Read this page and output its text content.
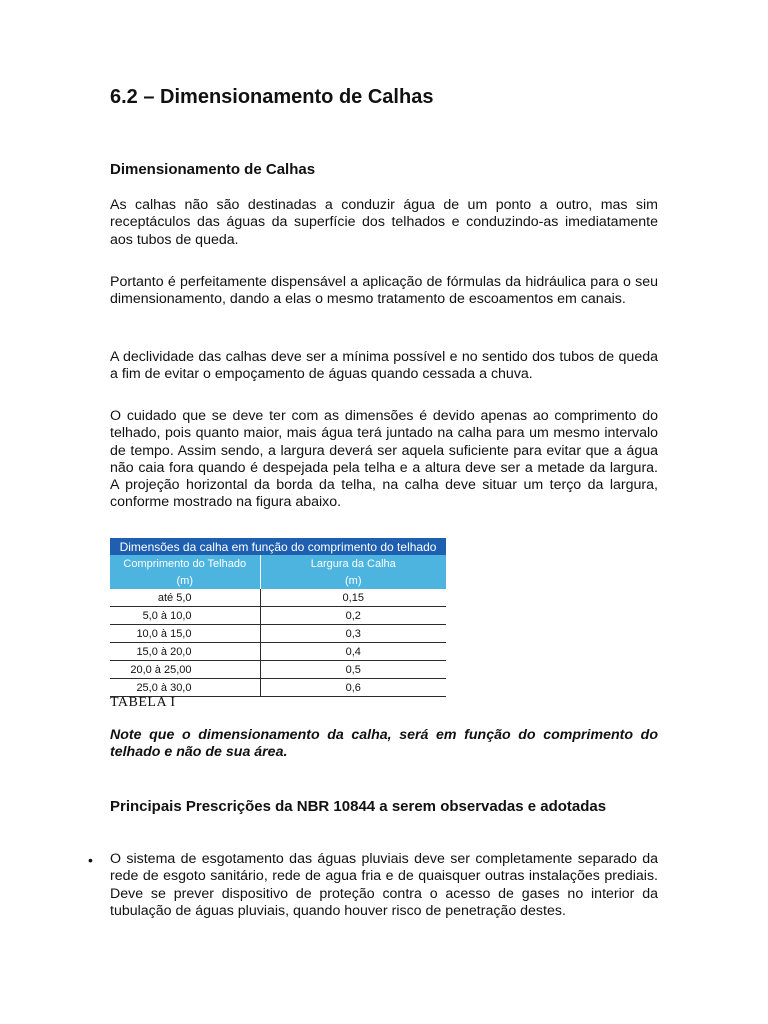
6.2 – Dimensionamento de Calhas
Dimensionamento de Calhas

As calhas não são destinadas a conduzir água de um ponto a outro, mas sim receptáculos das águas da superfície dos telhados e conduzindo-as imediatamente aos tubos de queda.

Portanto é perfeitamente dispensável a aplicação de fórmulas da hidráulica para o seu dimensionamento, dando a elas o mesmo tratamento de escoamentos em canais.

A declividade das calhas deve ser a mínima possível e no sentido dos tubos de queda a fim de evitar o empoçamento de águas quando cessada a chuva.

O cuidado que se deve ter com as dimensões é devido apenas ao comprimento do telhado, pois quanto maior, mais água terá juntado na calha para um mesmo intervalo de tempo. Assim sendo, a largura deverá ser aquela suficiente para evitar que a água não caia fora quando é despejada pela telha e a altura deve ser a metade da largura. A projeção horizontal da borda da telha, na calha deve situar um terço da largura, conforme mostrado na figura abaixo.

Dimensões da calha em função do comprimento do telhado	
Comprimento do Telhado	Largura da Calha
(m)	(m)
até 5,0	0,15
5,0 à 10,0	0,2
10,0 à 15,0	0,3
15,0 à 20,0	0,4
20,0 à 25,00	0,5
25,0 à 30,0	0,6
TABELA I

Note que o dimensionamento da calha, será em função do comprimento do telhado e não de sua área.

Principais Prescrições da NBR 10844 a serem observadas e adotadas

• O sistema de esgotamento das águas pluviais deve ser completamente separado da rede de esgoto sanitário, rede de agua fria e de quaisquer outras instalações prediais. Deve se prever dispositivo de proteção contra o acesso de gases no interior da tubulação de águas pluviais, quando houver risco de penetração destes.
